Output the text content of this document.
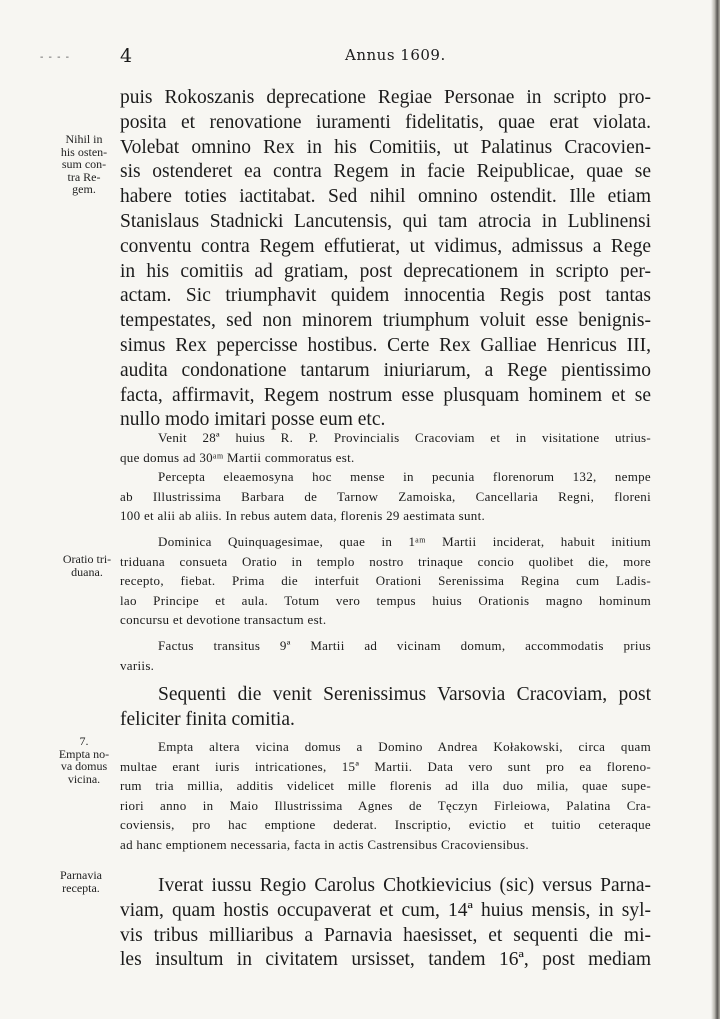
- - - -	4	Annus 1609.
Nihil in
his osten-
sum con-
tra Re-
gem.
Oratio tri-
duana.
7.
Empta no-
va domus
vicina.
Parnavia
recepta.
puis Rokoszanis deprecatione Regiae Personae in scripto pro-
posita et renovatione iuramenti fidelitatis, quae erat violata.
Volebat omnino Rex in his Comitiis, ut Palatinus Cracovien-
sis ostenderet ea contra Regem in facie Reipublicae, quae se
habere toties iactitabat. Sed nihil omnino ostendit. Ille etiam
Stanislaus Stadnicki Lancutensis, qui tam atrocia in Lublinensi
conventu contra Regem effutierat, ut vidimus, admissus a Rege
in his comitiis ad gratiam, post deprecationem in scripto per-
actam. Sic triumphavit quidem innocentia Regis post tantas
tempestates, sed non minorem triumphum voluit esse benignis-
simus Rex pepercisse hostibus. Certe Rex Galliae Henricus III,
audita condonatione tantarum iniuriarum, a Rege pientissimo
facta, affirmavit, Regem nostrum esse plusquam hominem et se
nullo modo imitari posse eum etc.
Venit 28ª huius R. P. Provincialis Cracoviam et in visitatione utrius-
que domus ad 30ᵃᵐ Martii commoratus est.
Percepta eleaemosyna hoc mense in pecunia florenorum 132, nempe
ab Illustrissima Barbara de Tarnow Zamoiska, Cancellaria Regni, floreni
100 et alii ab aliis. In rebus autem data, florenis 29 aestimata sunt.
Dominica Quinquagesimae, quae in 1ᵃᵐ Martii inciderat, habuit initium
triduana consueta Oratio in templo nostro trinaque concio quolibet die, more
recepto, fiebat. Prima die interfuit Orationi Serenissima Regina cum Ladis-
lao Principe et aula. Totum vero tempus huius Orationis magno hominum
concursu et devotione transactum est.
Factus transitus 9ª Martii ad vicinam domum, accommodatis prius
variis.
Sequenti die venit Serenissimus Varsovia Cracoviam, post
feliciter finita comitia.
Empta altera vicina domus a Domino Andrea Kołakowski, circa quam
multae erant iuris intricationes, 15ª Martii. Data vero sunt pro ea floreno-
rum tria millia, additis videlicet mille florenis ad illa duo milia, quae supe-
riori anno in Maio Illustrissima Agnes de Tęczyn Firleiowa, Palatina Cra-
coviensis, pro hac emptione dederat. Inscriptio, evictio et tuitio ceteraque
ad hanc emptionem necessaria, facta in actis Castrensibus Cracoviensibus.
Iverat iussu Regio Carolus Chotkievicius (sic) versus Parna-
viam, quam hostis occupaverat et cum, 14ª huius mensis, in syl-
vis tribus milliaribus a Parnavia haesisset, et sequenti die mi-
les insultum in civitatem ursisset, tandem 16ª, post mediam
